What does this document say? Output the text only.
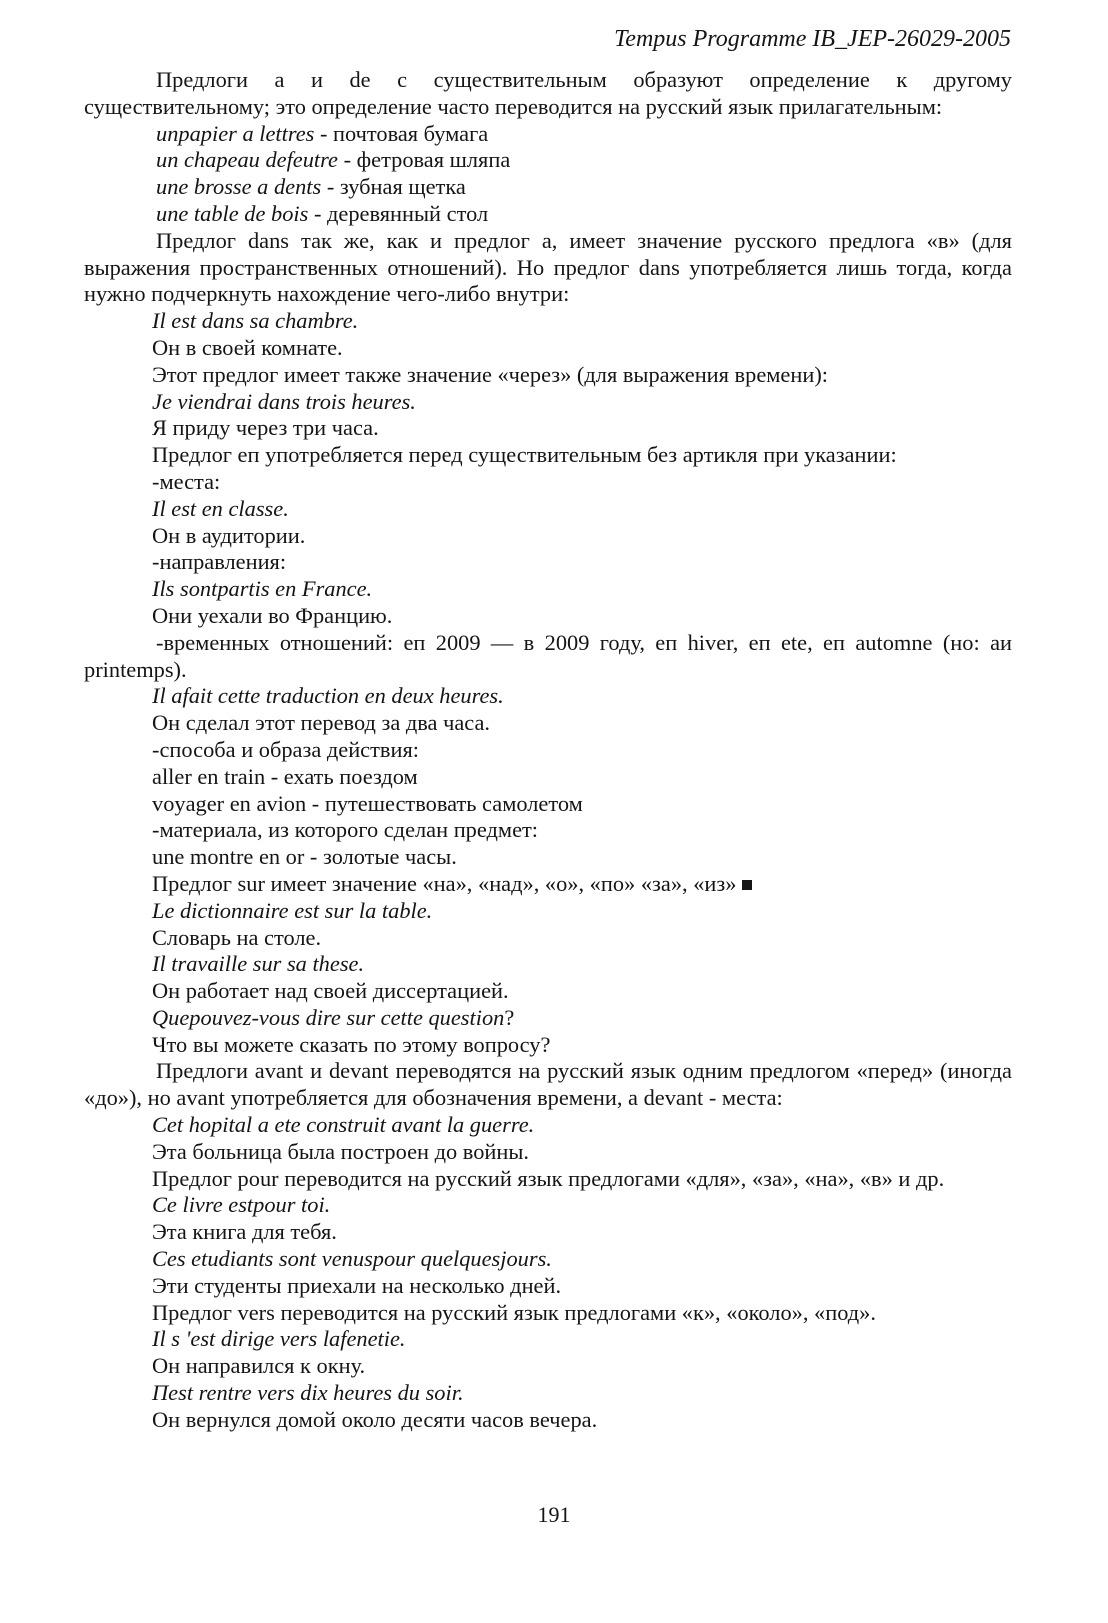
Tempus Programme IB_JEP-26029-2005

Предлоги а и de с существительным образуют определение к другому существительному; это определение часто переводится на русский язык прилагательным:

unpapier a lettres - почтовая бумага

un chapeau defeutre - фетровая шляпа

une brosse a dents - зубная щетка

une table de bois - деревянный стол

Предлог dans так же, как и предлог а, имеет значение русского предлога «в» (для выражения пространственных отношений). Но предлог dans употребляется лишь тогда, когда нужно подчеркнуть нахождение чего-либо внутри:

Il est dans sa chambre.

Он в своей комнате.

Этот предлог имеет также значение «через» (для выражения времени):

Je viendrai dans trois heures.

Я приду через три часа.

Предлог еп употребляется перед существительным без артикля при указании:

-места:

Il est en classe.

Он в аудитории.

-направления:

Ils sontpartis en France.

Они уехали во Францию.

-временных отношений: еп 2009 — в 2009 году, еп hiver, еп ete, еп automne (но: аи printemps).

Il afait cette traduction en deux heures.

Он сделал этот перевод за два часа.

-способа и образа действия:

aller en train - ехать поездом

voyager en avion - путешествовать самолетом

-материала, из которого сделан предмет:

une montre en or - золотые часы.

Предлог sur имеет значение «на», «над», «о», «по» «за», «из»

Le dictionnaire est sur la table.

Словарь на столе.

Il travaille sur sa these.

Он работает над своей диссертацией.

Quepouvez-vous dire sur cette question?

Что вы можете сказать по этому вопросу?

Предлоги avant и devant переводятся на русский язык одним предлогом «перед» (иногда «до»), но avant употребляется для обозначения времени, а devant - места:

Cet hopital a ete construit avant la guerre.

Эта больница была построен до войны.

Предлог pour переводится на русский язык предлогами «для», «за», «на», «в» и др.

Ce livre estpour toi.

Эта книга для тебя.

Ces etudiants sont venuspour quelquesjours.

Эти студенты приехали на несколько дней.

Предлог vers переводится на русский язык предлогами «к», «около», «под».

Il s 'est dirige vers lafenetie.

Он направился к окну.

Пest rentre vers dix heures du soir.

Он вернулся домой около десяти часов вечера.

191
